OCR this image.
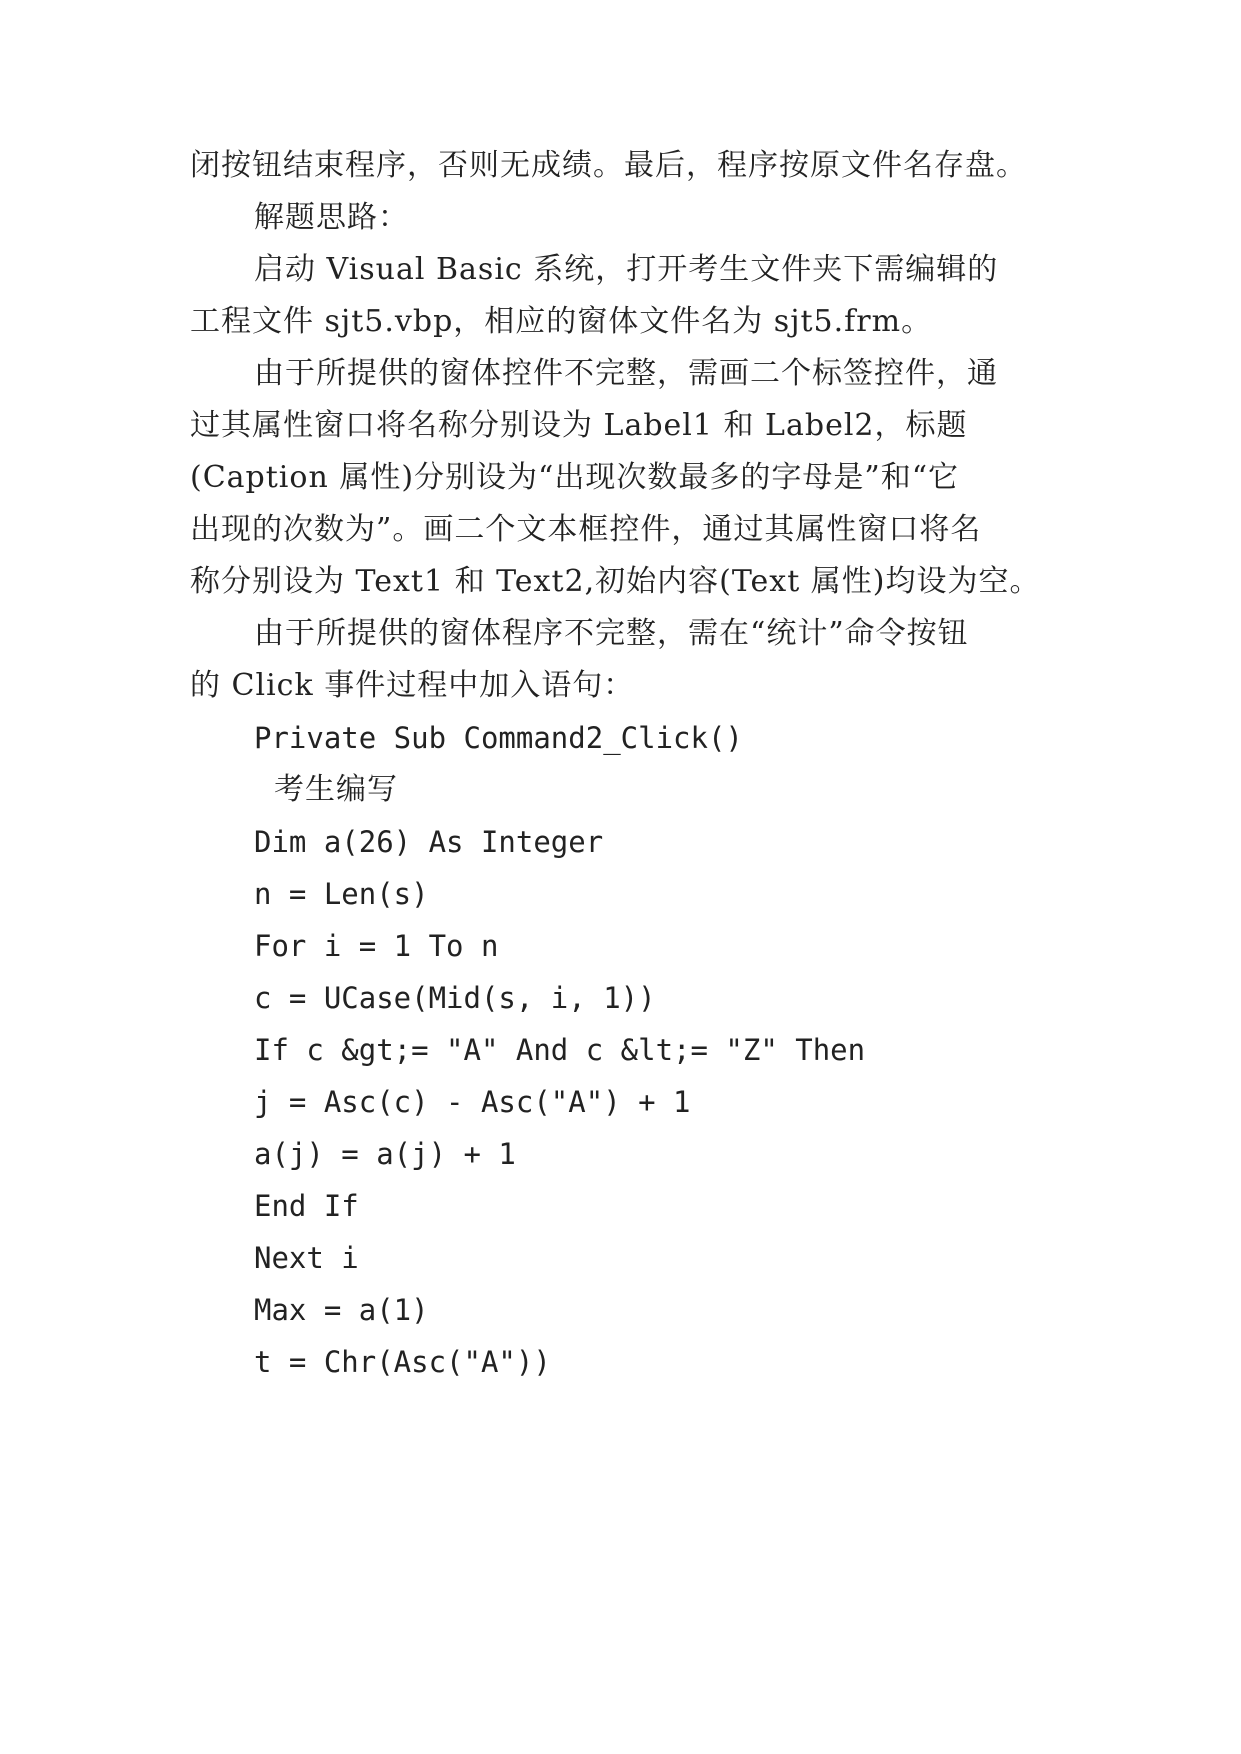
闭按钮结束程序，否则无成绩。最后，程序按原文件名存盘。
解题思路：
启动 Visual Basic 系统，打开考生文件夹下需编辑的
工程文件 sjt5.vbp，相应的窗体文件名为 sjt5.frm。
由于所提供的窗体控件不完整，需画二个标签控件，通
过其属性窗口将名称分别设为 Label1 和 Label2，标题
(Caption 属性)分别设为“出现次数最多的字母是”和“它
出现的次数为”。画二个文本框控件，通过其属性窗口将名
称分别设为 Text1 和 Text2,初始内容(Text 属性)均设为空。
由于所提供的窗体程序不完整，需在“统计”命令按钮
的 Click 事件过程中加入语句：
Private Sub Command2_Click()
考生编写
Dim a(26) As Integer
n = Len(s)
For i = 1 To n
c = UCase(Mid(s, i, 1))
If c &gt;= "A" And c &lt;= "Z" Then
j = Asc(c) - Asc("A") + 1
a(j) = a(j) + 1
End If
Next i
Max = a(1)
t = Chr(Asc("A"))
